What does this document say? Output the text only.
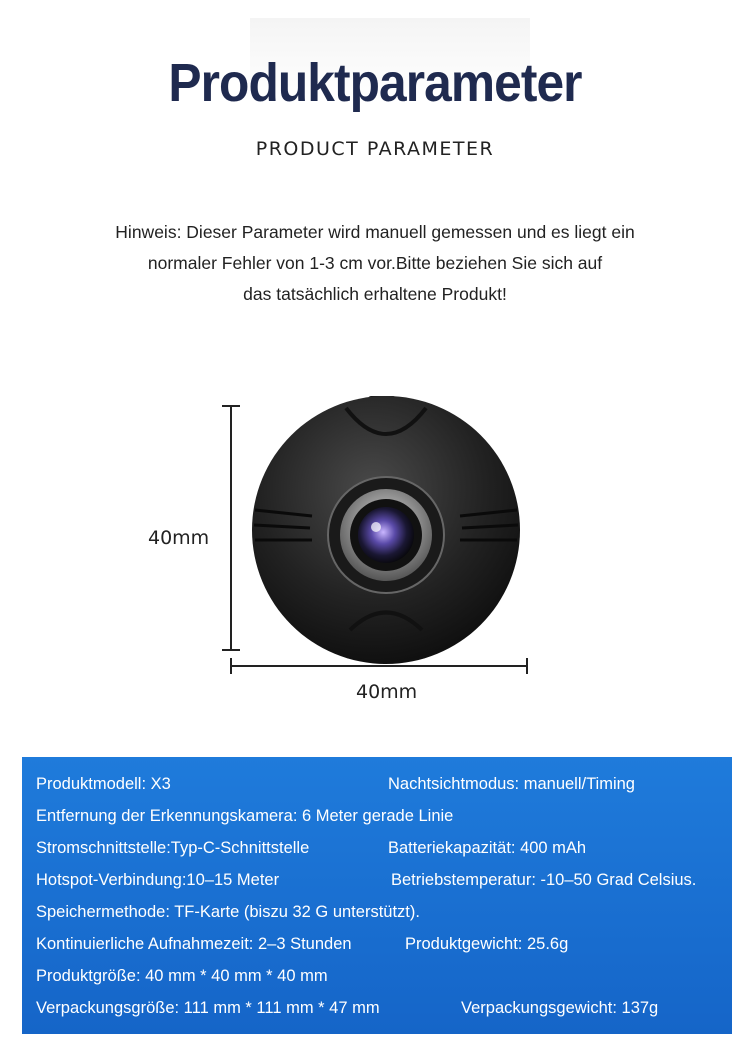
Produktparameter
PRODUCT PARAMETER
Hinweis: Dieser Parameter wird manuell gemessen und es liegt ein
normaler Fehler von 1-3 cm vor.Bitte beziehen Sie sich auf
das tatsächlich erhaltene Produkt!
40mm
40mm
Produktmodell: X3	Nachtsichtmodus: manuell/Timing
Entfernung der Erkennungskamera: 6 Meter gerade Linie
Stromschnittstelle:Typ-C-Schnittstelle	Batteriekapazität: 400 mAh
Hotspot-Verbindung:10–15 Meter	Betriebstemperatur: -10–50 Grad Celsius.
Speichermethode: TF-Karte (biszu 32 G unterstützt).
Kontinuierliche Aufnahmezeit: 2–3 Stunden	Produktgewicht: 25.6g
Produktgröße: 40 mm * 40 mm * 40 mm
Verpackungsgröße: 111 mm * 111 mm * 47 mm	Verpackungsgewicht: 137g
